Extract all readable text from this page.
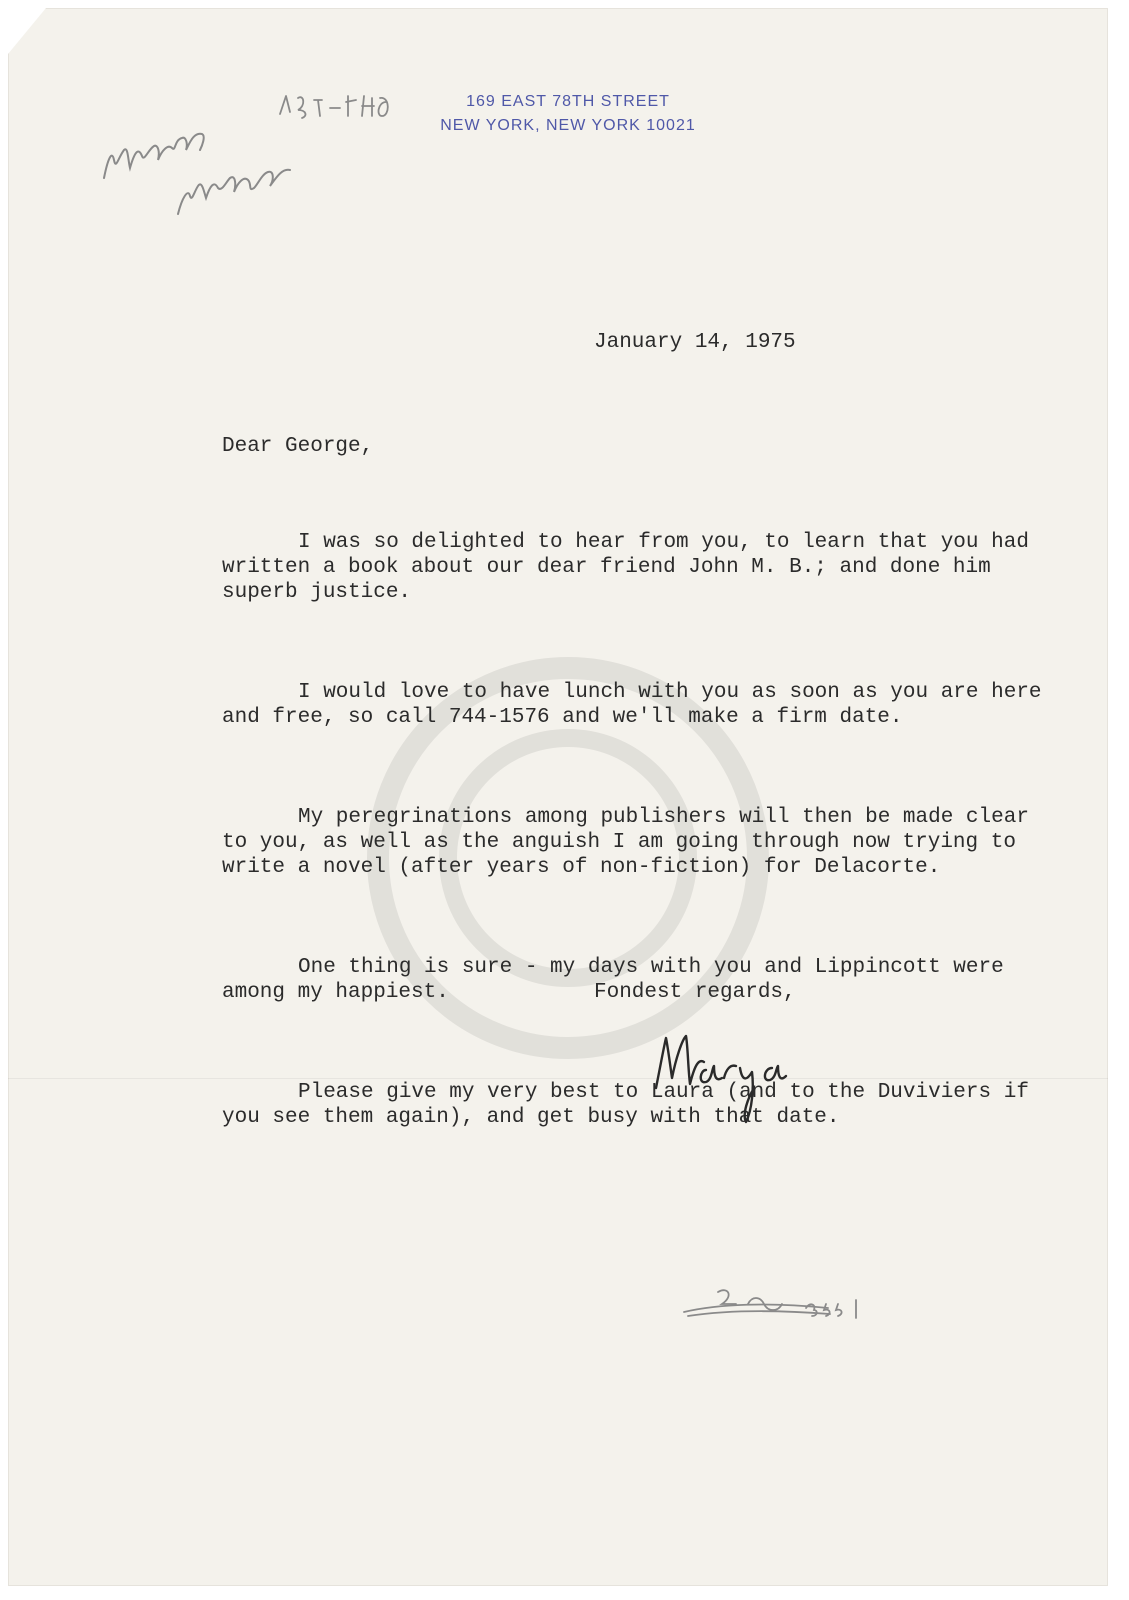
169 EAST 78TH STREET
NEW YORK, NEW YORK 10021
January 14, 1975
Dear George,

I was so delighted to hear from you, to learn that you had written a book about our dear friend John M. B.; and done him superb justice.

I would love to have lunch with you as soon as you are here and free, so call 744-1576 and we'll make a firm date.

My peregrinations among publishers will then be made clear to you, as well as the anguish I am going through now trying to write a novel (after years of non-fiction) for Delacorte.

One thing is sure - my days with you and Lippincott were among my happiest.

Please give my very best to Laura (and to the Duviviers if you see them again), and get busy with that date.

Fondest regards,
